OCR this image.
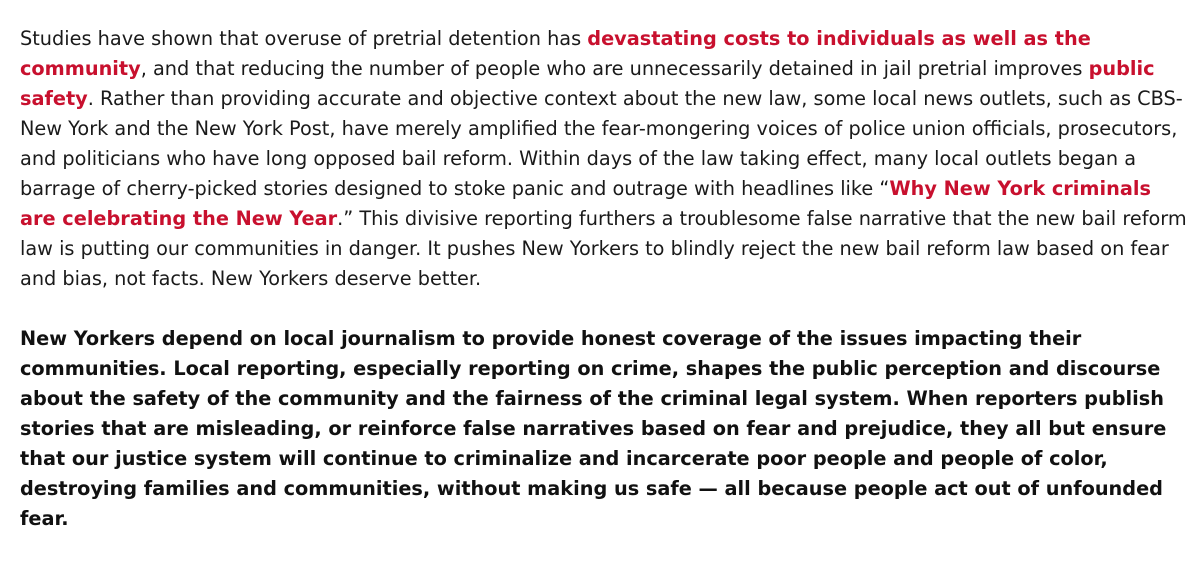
Studies have shown that overuse of pretrial detention has devastating costs to individuals as well as the community, and that reducing the number of people who are unnecessarily detained in jail pretrial improves public safety. Rather than providing accurate and objective context about the new law, some local news outlets, such as CBS-New York and the New York Post, have merely amplified the fear-mongering voices of police union officials, prosecutors, and politicians who have long opposed bail reform. Within days of the law taking effect, many local outlets began a barrage of cherry-picked stories designed to stoke panic and outrage with headlines like “Why New York criminals are celebrating the New Year.” This divisive reporting furthers a troublesome false narrative that the new bail reform law is putting our communities in danger. It pushes New Yorkers to blindly reject the new bail reform law based on fear and bias, not facts. New Yorkers deserve better.

New Yorkers depend on local journalism to provide honest coverage of the issues impacting their communities. Local reporting, especially reporting on crime, shapes the public perception and discourse about the safety of the community and the fairness of the criminal legal system. When reporters publish stories that are misleading, or reinforce false narratives based on fear and prejudice, they all but ensure that our justice system will continue to criminalize and incarcerate poor people and people of color, destroying families and communities, without making us safe — all because people act out of unfounded fear.
